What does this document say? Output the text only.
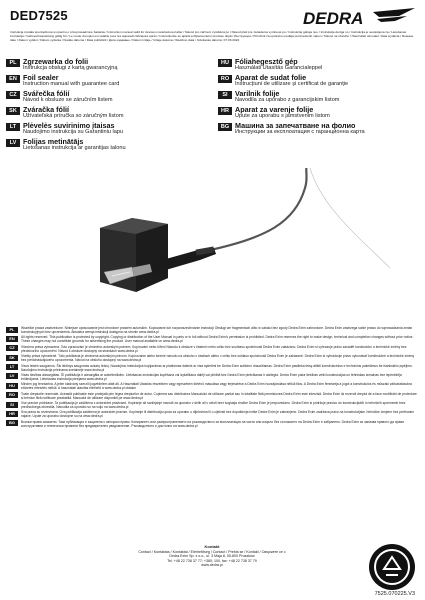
DED7525	DEDRA
Instrukcja została sporządzona w oparciu o przeprowadzone badania / Instruction manual valid for devices manufactured after / Návod pro zařízení vyráběná po / Návod platí pre zariadenia vyrobené po / Instrukcija galioja nuo / Instrukcija derīga no / Instrukcija je sestavljena za / Lietošanas instrukcija / Gebrauchsanleitung gültig für / Le mode d'emploi est valable pour les appareils fabriqués après / Instrucțiunile se aplică echipamentelor produse după / Инструкция / Priručnik za upotrebu uređaja proizvedenih nakon / Návod na obsluhu / Használati útmutató. Data wydania / Release date / Datum vydání / Dátum vydania / Kiadás dátuma / Data publicării / Дата издаване / Datum izdaje / Izdaje datuma / Išleidimo data / Izdošanas datums: 07.03.2024
PL Zgrzewarka do folii
Instrukcja obsługi z kartą gwarancyjną
HU Fóliahegesztő gép
Használati Utasítás Garancialeppel
EN Foil sealer
Instruction manual with guarantee card
RO Aparat de sudat folie
Instrucțiuni de utilizare și certificat de garanție
CZ Svářečka fólií
Návod k obsluze se záručním listem
SI	Varilnik folije
Navodila za uporabo z garancijskim listom
SK Zváračka fólií
Užívateľská príručka so záručným listom
HR Aparat za varenje folije
Upute za uporabu s jamstvenim listom
LT Plėvelės suvirinimo įtaisas
Naudojimo instrukcija su Garantiniu lapu
BG Машина за запечатване на фолио
Инструкции за експлоатация с гаранционна карта
LV Folijas metinātājs
Lietošanas instrukcija ar garantijas talonu
PL	Wszelkie prawa zastrzeżone. Niniejsze opracowanie jest chronione prawem autorskim. Kopiowanie lub rozpowszechnianie instrukcji Obsługi we fragmentach albo w całości bez zgody Dedra Exim zabronione. Dedra Exim zastrzega sobie prawo do wprowadzania zmian konstrukcyjnych bez uprzedzenia. Aktualna wersja instrukcji dostępna na stronie www.dedra.pl
EN	All rights reserved. This publication is protected by copyright. Copying or distribution of the User Manual in parts or in full without Dedra Exim's permission is prohibited. Dedra Exim reserves the right to make design, technical and completion changes without prior notice. These changes may not constitute grounds for advertising the product. User manual available on www.dedra.pl
CZ	Všechna práva vyhrazena. Toto zpracování je chráněno autorským právem. Kopírování nebo šíření Návodu k obsluze v částech nebo celku bez souhlasu společnosti Dedra Exim zakázáno. Dedra Exim si vyhrazuje právo zavádět konstrukční a technické změny bez předchozího upozornění. Návod k obsluze dostupný na stránkách www.dedra.pl
SK	Všetky práva vyhradené. Táto publikácia je chránená autorským právom. Kopírovanie alebo šírenie návodu na obsluhu v častiach alebo v celku bez súhlasu spoločnosti Dedra Exim je zakázané. Dedra Exim si vyhradzuje právo vykonávať konštrukčné a technické zmeny bez predchádzajúceho upozornenia. Návod na obsluhu dostupný na www.dedra.pl
LT	Visos teisės saugomos. Šis leidinys saugomas autorių teisių. Naudojimo instrukcijos kopijavimas ar platinimas dalimis ar visa apimtimi be Dedra Exim sutikimo draudžiamas. Dedra Exim pasilieka teisę atlikti konstrukcinius ir techninius pakeitimus be išankstinio įspėjimo. Naudojimo instrukcija prieinama svetainėje www.dedra.pl
LV	Visas tiesības aizsargātas. Šī publikācija ir aizsargāta ar autortiesībām. Lietošanas instrukcijas kopēšana vai izplatīšana daļēji vai pilnībā bez Dedra Exim piekrišanas ir aizliegta. Dedra Exim patur tiesības veikt konstrukcijas un tehniskas izmaiņas bez iepriekšēja brīdinājuma. Lietošanas instrukcija pieejama www.dedra.pl
HU	Minden jog fenntartva. A jelen kiadvány szerzői jogvédelem alatt áll. A Használati Utasítás részekben vagy egészében történő másolása vagy terjesztése a Dedra Exim hozzájárulása nélkül tilos. A Dedra Exim fenntartja a jogot a konstrukciós és műszaki változtatásokra előzetes értesítés nélkül. A használati utasítás elérhető a www.dedra.pl oldalon
RO	Toate drepturile rezervate. Această publicație este protejată prin legea drepturilor de autor. Copierea sau distribuirea Manualului de utilizare parțial sau în totalitate fără permisiunea Dedra Exim este interzisă. Dedra Exim își rezervă dreptul de a face modificări de proiectare și tehnice fără notificare prealabilă. Manualul de utilizare disponibil pe www.dedra.pl
SI	Vse pravice pridržane. Ta publikacija je zaščitena z avtorskimi pravicami. Kopiranje ali razširjanje navodil za uporabo v delih ali v celoti brez soglasja družbe Dedra Exim je prepovedano. Dedra Exim si pridržuje pravico do konstrukcijskih in tehničnih sprememb brez predhodnega obvestila. Navodila za uporabo so na voljo na www.dedra.pl
HR	Sva prava su rezervirana. Ova publikacija zaštićena je autorskim pravom. Kopiranje ili distribucija uputa za uporabu u dijelovima ili u cijelosti bez dopuštenja tvrtke Dedra Exim je zabranjeno. Dedra Exim zadržava pravo na konstrukcijske i tehničke izmjene bez prethodne najave. Upute za uporabu dostupne su na www.dedra.pl
BG	Всички права запазени. Тази публикация е защитена с авторско право. Копирането или разпространението на ръководството за експлоатация на части или изцяло без съгласието на Dedra Exim е забранено. Dedra Exim си запазва правото да прави конструктивни и технически промени без предварително уведомление. Ръководството е достъпно на www.dedra.pl
Kontakt
Contact / Kontaktas / Kontaktai / Elérhetőség / Contact / Prebla se / Kontakt / Свържете се с
Dedra Exim Sp. z o.o., ul. 3 Maja 8, 05-800 Pruszków
Tel. +48 22 738 37 77; +380; 100, fax: +48 22 738 37 79
www.dedra.pl
7525.070225.V3
